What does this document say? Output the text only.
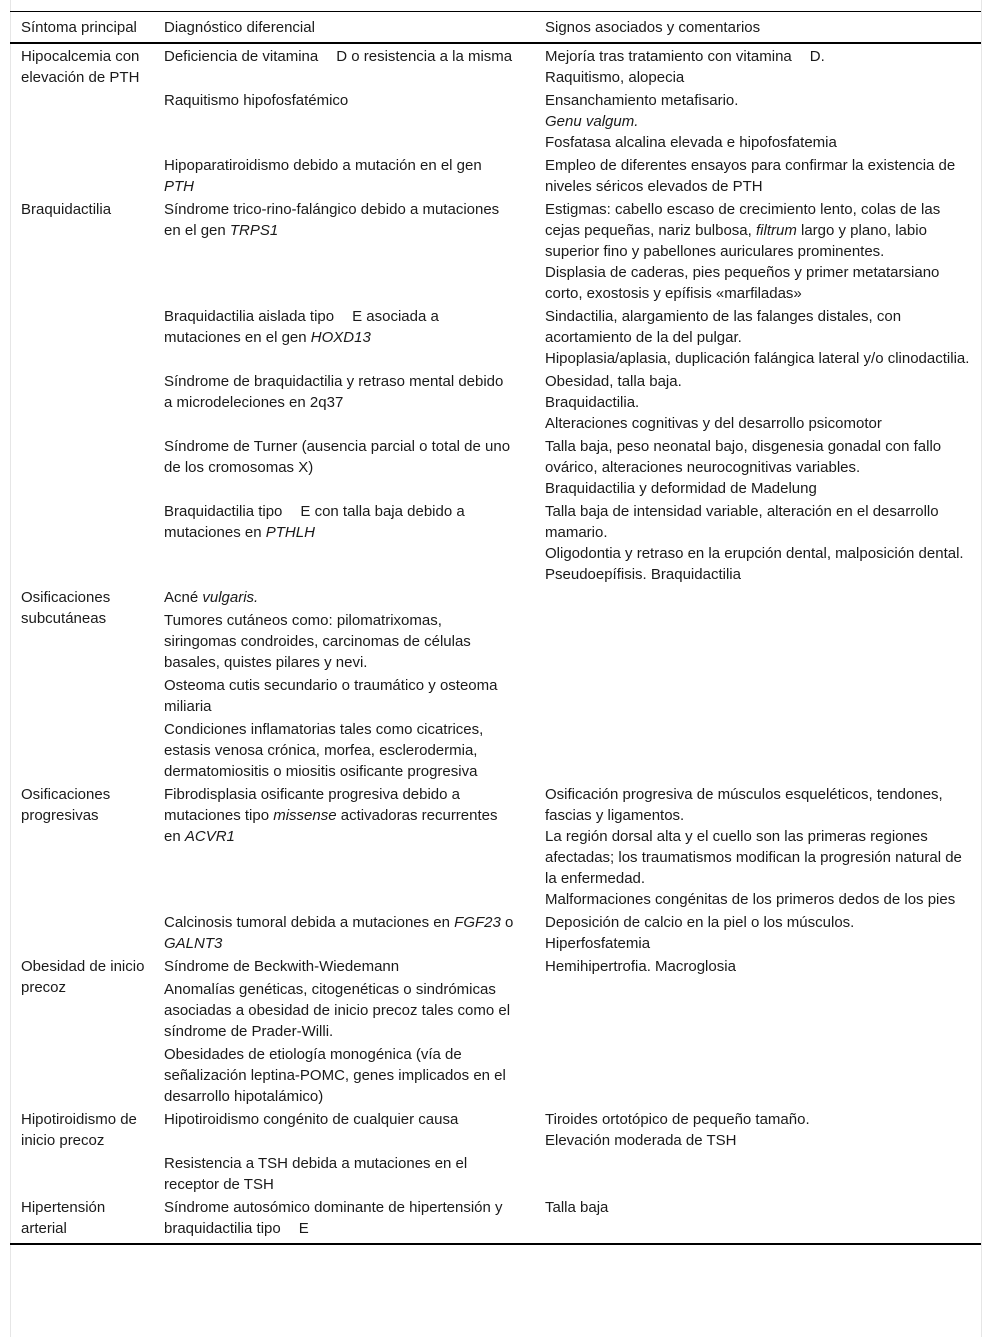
Síntoma principal	Diagnóstico diferencial	Signos asociados y comentarios
Hipocalcemia con elevación de PTH	Deficiencia de vitamina D o resistencia a la misma	Mejoría tras tratamiento con vitamina D.
Raquitismo, alopecia

	Raquitismo hipofosfatémico	Ensanchamiento metafisario.
Genu valgum.
Fosfatasa alcalina elevada e hipofosfatemia

	Hipoparatiroidismo debido a mutación en el gen PTH	Empleo de diferentes ensayos para confirmar la existencia de niveles séricos elevados de PTH

Braquidactilia	Síndrome trico-rino-falángico debido a mutaciones en el gen TRPS1	Estigmas: cabello escaso de crecimiento lento, colas de las cejas pequeñas, nariz bulbosa, filtrum largo y plano, labio superior fino y pabellones auriculares prominentes.
Displasia de caderas, pies pequeños y primer metatarsiano corto, exostosis y epífisis «marfiladas»

	Braquidactilia aislada tipo E asociada a mutaciones en el gen HOXD13	Sindactilia, alargamiento de las falanges distales, con acortamiento de la del pulgar.
Hipoplasia/aplasia, duplicación falángica lateral y/o clinodactilia.

	Síndrome de braquidactilia y retraso mental debido a microdeleciones en 2q37	Obesidad, talla baja.
Braquidactilia.
Alteraciones cognitivas y del desarrollo psicomotor

	Síndrome de Turner (ausencia parcial o total de uno de los cromosomas X)	Talla baja, peso neonatal bajo, disgenesia gonadal con fallo ovárico, alteraciones neurocognitivas variables.
Braquidactilia y deformidad de Madelung

	Braquidactilia tipo E con talla baja debido a mutaciones en PTHLH	Talla baja de intensidad variable, alteración en el desarrollo mamario.
Oligodontia y retraso en la erupción dental, malposición dental.
Pseudoepífisis. Braquidactilia

Osificaciones subcutáneas	Acné vulgaris.	
	Tumores cutáneos como: pilomatrixomas, siringomas condroides, carcinomas de células basales, quistes pilares y nevi.	
	Osteoma cutis secundario o traumático y osteoma miliaria	
	Condiciones inflamatorias tales como cicatrices, estasis venosa crónica, morfea, esclerodermia, dermatomiositis o miositis osificante progresiva	
Osificaciones progresivas	Fibrodisplasia osificante progresiva debido a mutaciones tipo missense activadoras recurrentes en ACVR1	Osificación progresiva de músculos esqueléticos, tendones, fascias y ligamentos.
La región dorsal alta y el cuello son las primeras regiones afectadas; los traumatismos modifican la progresión natural de la enfermedad.
Malformaciones congénitas de los primeros dedos de los pies

	Calcinosis tumoral debida a mutaciones en FGF23 o GALNT3	Deposición de calcio en la piel o los músculos.
Hiperfosfatemia

Obesidad de inicio precoz	Síndrome de Beckwith-Wiedemann	Hemihipertrofia. Macroglosia

	Anomalías genéticas, citogenéticas o sindrómicas asociadas a obesidad de inicio precoz tales como el síndrome de Prader-Willi.	
	Obesidades de etiología monogénica (vía de señalización leptina-POMC, genes implicados en el desarrollo hipotalámico)	
Hipotiroidismo de inicio precoz	Hipotiroidismo congénito de cualquier causa	Tiroides ortotópico de pequeño tamaño.
Elevación moderada de TSH

	Resistencia a TSH debida a mutaciones en el receptor de TSH	
Hipertensión arterial	Síndrome autosómico dominante de hipertensión y braquidactilia tipo E	Talla baja
